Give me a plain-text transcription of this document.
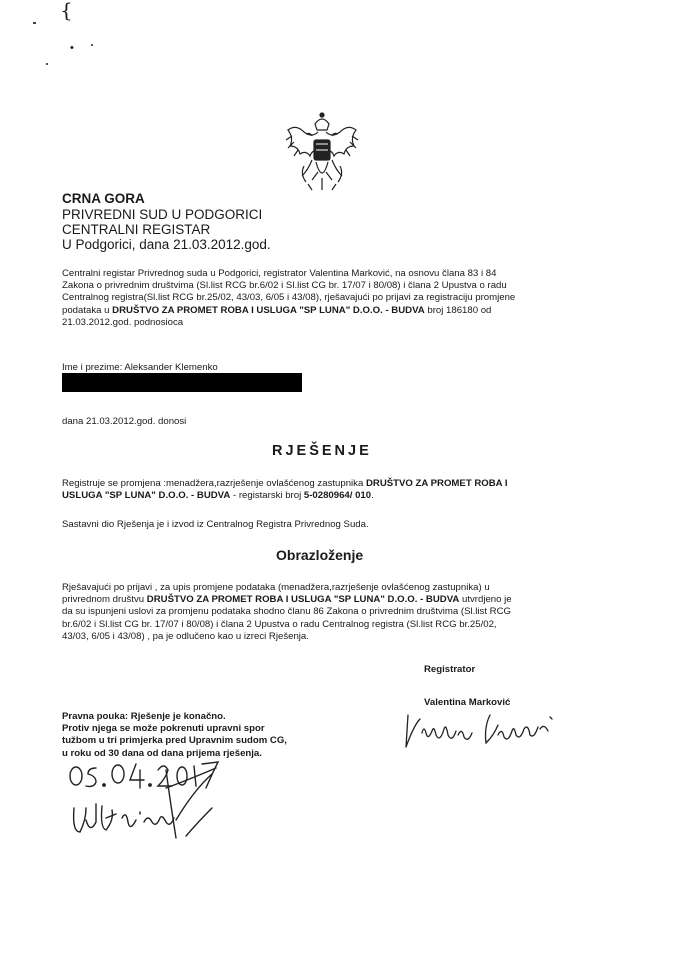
{
•
CRNA GORA
PRIVREDNI SUD U PODGORICI
CENTRALNI REGISTAR
U Podgorici, dana 21.03.2012.god.
Centralni registar Privrednog suda u Podgorici, registrator Valentina Marković, na osnovu člana 83 i 84
Zakona o privrednim društvima (Sl.list RCG br.6/02 i Sl.list CG br. 17/07 i 80/08) i člana 2 Upustva o radu
Centralnog registra(Sl.list RCG br.25/02, 43/03, 6/05 i 43/08), rješavajući po prijavi za registraciju promjene
podataka u DRUŠTVO ZA PROMET ROBA I USLUGA "SP LUNA" D.O.O. - BUDVA broj 186180 od
21.03.2012.god. podnosioca
Ime i prezime: Aleksander Klemenko
dana 21.03.2012.god. donosi
RJEŠENJE
Registruje se promjena :menadžera,razrješenje ovlašćenog zastupnika DRUŠTVO ZA PROMET ROBA I
USLUGA "SP LUNA" D.O.O. - BUDVA - registarski broj 5-0280964/ 010.
Sastavni dio Rješenja je i izvod iz Centralnog Registra Privrednog Suda.
Obrazloženje
Rješavajući po prijavi , za upis promjene podataka (menadžera,razrješenje ovlašćenog zastupnika) u
privrednom društvu DRUŠTVO ZA PROMET ROBA I USLUGA "SP LUNA" D.O.O. - BUDVA utvrdjeno je
da su ispunjeni uslovi za promjenu podataka shodno članu 86 Zakona o privrednim društvima (Sl.list RCG
br.6/02 i Sl.list CG br. 17/07 i 80/08) i člana 2 Upustva o radu Centralnog registra (Sl.list RCG br.25/02,
43/03, 6/05 i 43/08) , pa je odlučeno kao u izreci Rješenja.
Registrator
Valentina Marković
Pravna pouka: Rješenje je konačno.
Protiv njega se može pokrenuti upravni spor
tužbom u tri primjerka pred Upravnim sudom CG,
u roku od 30 dana od dana prijema rješenja.
